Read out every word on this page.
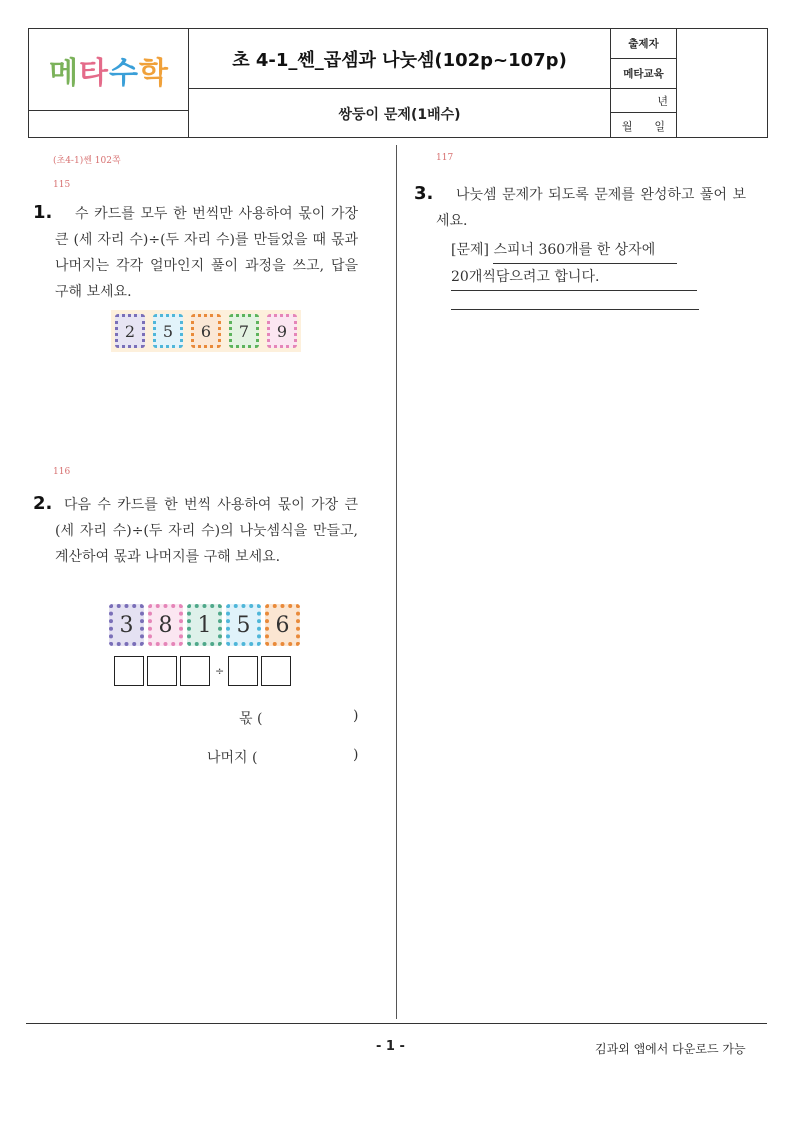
메 타 수 학	초 4-1_쎈_곱셈과 나눗셈(102p~107p)
쌍둥이 문제(1배수)
출제자
메타교육
년
월 일
(초4-1)쎈 102쪽
115
1.	수 카드를 모두 한 번씩만 사용하여 몫이 가장 큰 (세 자리 수)÷(두 자리 수)를 만들었을 때 몫과 나머지는 각각 얼마인지 풀이 과정을 쓰고, 답을 구해 보세요.
2 5 6 7 9
116
2. 다음 수 카드를 한 번씩 사용하여 몫이 가장 큰 (세 자리 수)÷(두 자리 수)의 나눗셈식을 만들고, 계산하여 몫과 나머지를 구해 보세요.
3 8 1 5 6
÷
몫 (	)
나머지 (	)
117
3.	나눗셈 문제가 되도록 문제를 완성하고 풀어 보세요.
[문제] 스피너 360개를 한 상자에
20개씩담으려고 합니다.
- 1 -	김과외 앱에서 다운로드 가능
